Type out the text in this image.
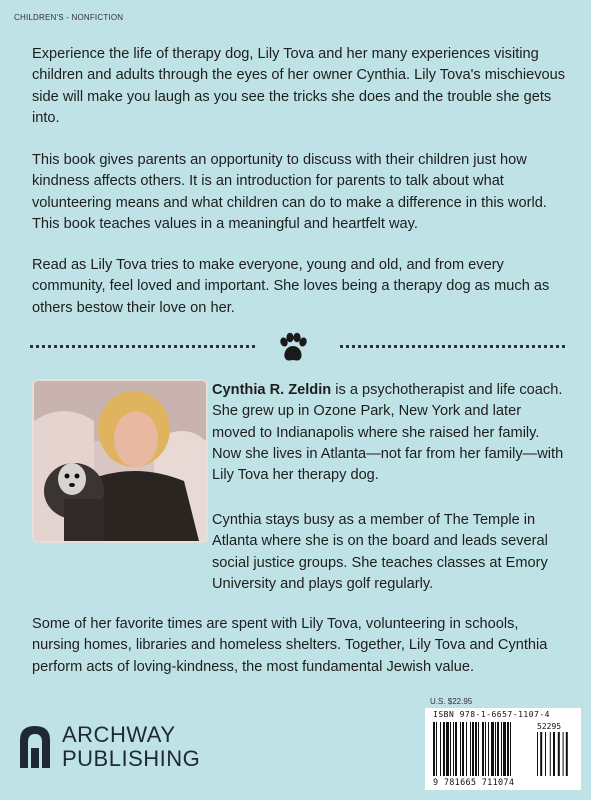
CHILDREN'S - NONFICTION
Experience the life of therapy dog, Lily Tova and her many experiences visiting children and adults through the eyes of her owner Cynthia. Lily Tova's mischievous side will make you laugh as you see the tricks she does and the trouble she gets into.
This book gives parents an opportunity to discuss with their children just how kindness affects others. It is an introduction for parents to talk about what volunteering means and what children can do to make a difference in this world. This book teaches values in a meaningful and heartfelt way.
Read as Lily Tova tries to make everyone, young and old, and from every community, feel loved and important. She loves being a therapy dog as much as others bestow their love on her.
Cynthia R. Zeldin is a psychotherapist and life coach. She grew up in Ozone Park, New York and later moved to Indianapolis where she raised her family. Now she lives in Atlanta—not far from her family—with Lily Tova her therapy dog.
Cynthia stays busy as a member of The Temple in Atlanta where she is on the board and leads several social justice groups. She teaches classes at Emory University and plays golf regularly.
Some of her favorite times are spent with Lily Tova, volunteering in schools, nursing homes, libraries and homeless shelters. Together, Lily Tova and Cynthia perform acts of loving-kindness, the most fundamental Jewish value.
ARCHWAY
PUBLISHING
U.S. $22.95
ISBN 978-1-6657-1107-4
52295
9 781665 711074
